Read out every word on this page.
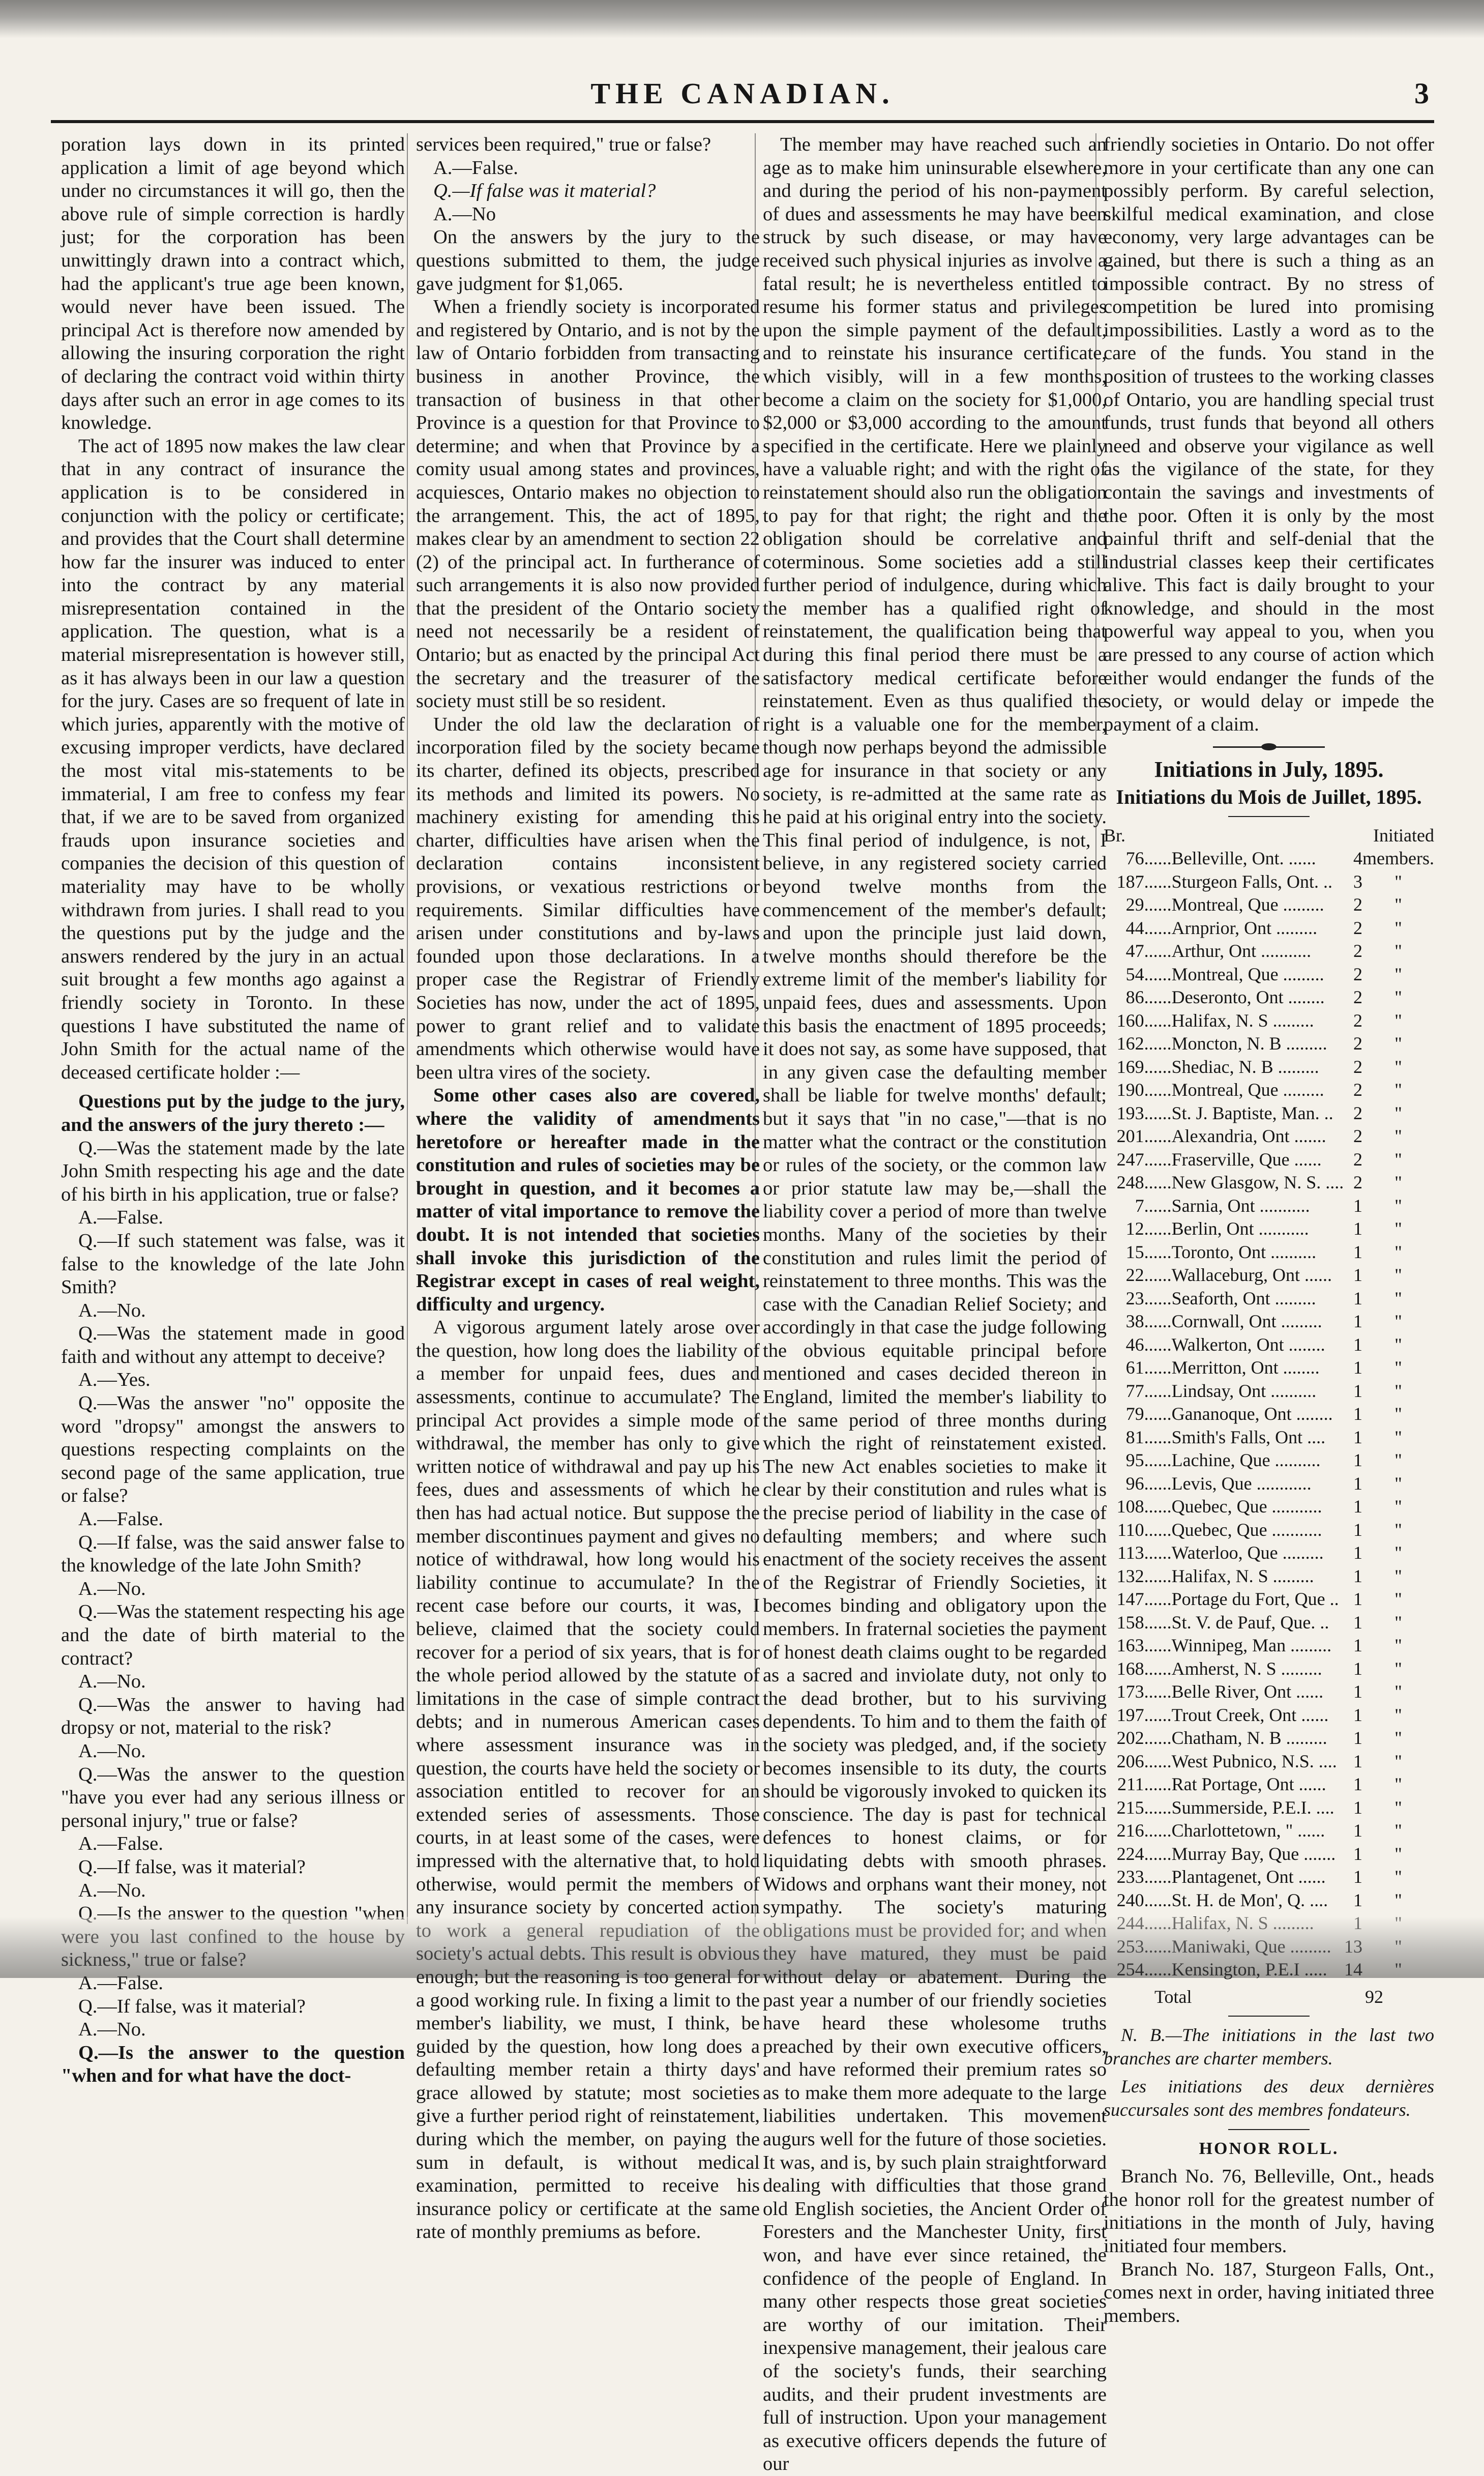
THE CANADIAN.	3

poration lays down in its printed application a limit of age beyond which under no circumstances it will go, then the above rule of simple correction is hardly just; for the corporation has been unwittingly drawn into a contract which, had the applicant's true age been known, would never have been issued. The principal Act is therefore now amended by allowing the insuring corporation the right of declaring the contract void within thirty days after such an error in age comes to its knowledge.

The act of 1895 now makes the law clear that in any contract of insurance the application is to be considered in conjunction with the policy or certificate; and provides that the Court shall determine how far the insurer was induced to enter into the contract by any material misrepresentation contained in the application. The question, what is a material misrepresentation is however still, as it has always been in our law a question for the jury. Cases are so frequent of late in which juries, apparently with the motive of excusing improper verdicts, have declared the most vital mis-statements to be immaterial, I am free to confess my fear that, if we are to be saved from organized frauds upon insurance societies and companies the decision of this question of materiality may have to be wholly withdrawn from juries. I shall read to you the questions put by the judge and the answers rendered by the jury in an actual suit brought a few months ago against a friendly society in Toronto. In these questions I have substituted the name of John Smith for the actual name of the deceased certificate holder :—

Questions put by the judge to the jury, and the answers of the jury thereto :—

Q.—Was the statement made by the late John Smith respecting his age and the date of his birth in his application, true or false?

A.—False.

Q.—If such statement was false, was it false to the knowledge of the late John Smith?

A.—No.

Q.—Was the statement made in good faith and without any attempt to deceive?

A.—Yes.

Q.—Was the answer "no" opposite the word "dropsy" amongst the answers to questions respecting complaints on the second page of the same application, true or false?

A.—False.

Q.—If false, was the said answer false to the knowledge of the late John Smith?

A.—No.

Q.—Was the statement respecting his age and the date of birth material to the contract?

A.—No.

Q.—Was the answer to having had dropsy or not, material to the risk?

A.—No.

Q.—Was the answer to the question "have you ever had any serious illness or personal injury," true or false?

A.—False.

Q.—If false, was it material?

A.—No.

Q.—Is the answer to the question "when were you last confined to the house by sickness," true or false?

A.—False.

Q.—If false, was it material?

A.—No.

Q.—Is the answer to the question "when and for what have the doct-

services been required," true or false?

A.—False.

Q.—If false was it material?

A.—No

On the answers by the jury to the questions submitted to them, the judge gave judgment for $1,065.

When a friendly society is incorporated and registered by Ontario, and is not by the law of Ontario forbidden from transacting business in another Province, the transaction of business in that other Province is a question for that Province to determine; and when that Province by a comity usual among states and provinces, acquiesces, Ontario makes no objection to the arrangement. This, the act of 1895, makes clear by an amendment to section 22 (2) of the principal act. In furtherance of such arrangements it is also now provided that the president of the Ontario society need not necessarily be a resident of Ontario; but as enacted by the principal Act the secretary and the treasurer of the society must still be so resident.

Under the old law the declaration of incorporation filed by the society became its charter, defined its objects, prescribed its methods and limited its powers. No machinery existing for amending this charter, difficulties have arisen when the declaration contains inconsistent provisions, or vexatious restrictions or requirements. Similar difficulties have arisen under constitutions and by-laws founded upon those declarations. In a proper case the Registrar of Friendly Societies has now, under the act of 1895, power to grant relief and to validate amendments which otherwise would have been ultra vires of the society.

Some other cases also are covered, where the validity of amendments heretofore or hereafter made in the constitution and rules of societies may be brought in question, and it becomes a matter of vital importance to remove the doubt. It is not intended that societies shall invoke this jurisdiction of the Registrar except in cases of real weight, difficulty and urgency.

A vigorous argument lately arose over the question, how long does the liability of a member for unpaid fees, dues and assessments, continue to accumulate? The principal Act provides a simple mode of withdrawal, the member has only to give written notice of withdrawal and pay up his fees, dues and assessments of which he then has had actual notice. But suppose the member discontinues payment and gives no notice of withdrawal, how long would his liability continue to accumulate? In the recent case before our courts, it was, I believe, claimed that the society could recover for a period of six years, that is for the whole period allowed by the statute of limitations in the case of simple contract debts; and in numerous American cases where assessment insurance was in question, the courts have held the society or association entitled to recover for an extended series of assessments. Those courts, in at least some of the cases, were impressed with the alternative that, to hold otherwise, would permit the members of any insurance society by concerted action to work a general repudiation of the society's actual debts. This result is obvious enough; but the reasoning is too general for a good working rule. In fixing a limit to the member's liability, we must, I think, be guided by the question, how long does a defaulting member retain a thirty days' grace allowed by statute; most societies give a further period right of reinstatement, during which the member, on paying the sum in default, is without medical examination, permitted to receive his insurance policy or certificate at the same rate of monthly premiums as before.

The member may have reached such an age as to make him uninsurable elsewhere, and during the period of his non-payment of dues and assessments he may have been struck by such disease, or may have received such physical injuries as involve a fatal result; he is nevertheless entitled to resume his former status and privileges upon the simple payment of the default, and to reinstate his insurance certificate, which visibly, will in a few months, become a claim on the society for $1,000, $2,000 or $3,000 according to the amount specified in the certificate. Here we plainly have a valuable right; and with the right of reinstatement should also run the obligation to pay for that right; the right and the obligation should be correlative and coterminous. Some societies add a still further period of indulgence, during which the member has a qualified right of reinstatement, the qualification being that during this final period there must be a satisfactory medical certificate before reinstatement. Even as thus qualified the right is a valuable one for the member, though now perhaps beyond the admissible age for insurance in that society or any society, is re-admitted at the same rate as he paid at his original entry into the society. This final period of indulgence, is not, I believe, in any registered society carried beyond twelve months from the commencement of the member's default; and upon the principle just laid down, twelve months should therefore be the extreme limit of the member's liability for unpaid fees, dues and assessments. Upon this basis the enactment of 1895 proceeds; it does not say, as some have supposed, that in any given case the defaulting member shall be liable for twelve months' default; but it says that "in no case,"—that is no matter what the contract or the constitution or rules of the society, or the common law or prior statute law may be,—shall the liability cover a period of more than twelve months. Many of the societies by their constitution and rules limit the period of reinstatement to three months. This was the case with the Canadian Relief Society; and accordingly in that case the judge following the obvious equitable principal before mentioned and cases decided thereon in England, limited the member's liability to the same period of three months during which the right of reinstatement existed. The new Act enables societies to make it clear by their constitution and rules what is the precise period of liability in the case of defaulting members; and where such enactment of the society receives the assent of the Registrar of Friendly Societies, it becomes binding and obligatory upon the members. In fraternal societies the payment of honest death claims ought to be regarded as a sacred and inviolate duty, not only to the dead brother, but to his surviving dependents. To him and to them the faith of the society was pledged, and, if the society becomes insensible to its duty, the courts should be vigorously invoked to quicken its conscience. The day is past for technical defences to honest claims, or for liquidating debts with smooth phrases. Widows and orphans want their money, not sympathy. The society's maturing obligations must be provided for; and when they have matured, they must be paid without delay or abatement. During the past year a number of our friendly societies have heard these wholesome truths preached by their own executive officers, and have reformed their premium rates so as to make them more adequate to the large liabilities undertaken. This movement augurs well for the future of those societies. It was, and is, by such plain straightforward dealing with difficulties that those grand old English societies, the Ancient Order of Foresters and the Manchester Unity, first won, and have ever since retained, the confidence of the people of England. In many other respects those great societies are worthy of our imitation. Their inexpensive management, their jealous care of the society's funds, their searching audits, and their prudent investments are full of instruction. Upon your management as executive officers depends the future of our

friendly societies in Ontario. Do not offer more in your certificate than any one can possibly perform. By careful selection, skilful medical examination, and close economy, very large advantages can be gained, but there is such a thing as an impossible contract. By no stress of competition be lured into promising impossibilities. Lastly a word as to the care of the funds. You stand in the position of trustees to the working classes of Ontario, you are handling special trust funds, trust funds that beyond all others need and observe your vigilance as well as the vigilance of the state, for they contain the savings and investments of the poor. Often it is only by the most painful thrift and self-denial that the industrial classes keep their certificates alive. This fact is daily brought to your knowledge, and should in the most powerful way appeal to you, when you are pressed to any course of action which either would endanger the funds of the society, or would delay or impede the payment of a claim.

Initiations in July, 1895.
Initiations du Mois de Juillet, 1895.
Br.		Initiated	
76	......Belleville, Ont. ......	4	members.
187	......Sturgeon Falls, Ont. ..	3	"
29	......Montreal, Que .........	2	"
44	......Arnprior, Ont .........	2	"
47	......Arthur, Ont ...........	2	"
54	......Montreal, Que .........	2	"
86	......Deseronto, Ont ........	2	"
160	......Halifax, N. S .........	2	"
162	......Moncton, N. B .........	2	"
169	......Shediac, N. B .........	2	"
190	......Montreal, Que .........	2	"
193	......St. J. Baptiste, Man. ..	2	"
201	......Alexandria, Ont .......	2	"
247	......Fraserville, Que ......	2	"
248	......New Glasgow, N. S. ....	2	"
7	......Sarnia, Ont ...........	1	"
12	......Berlin, Ont ...........	1	"
15	......Toronto, Ont ..........	1	"
22	......Wallaceburg, Ont ......	1	"
23	......Seaforth, Ont .........	1	"
38	......Cornwall, Ont .........	1	"
46	......Walkerton, Ont ........	1	"
61	......Merritton, Ont ........	1	"
77	......Lindsay, Ont ..........	1	"
79	......Gananoque, Ont ........	1	"
81	......Smith's Falls, Ont ....	1	"
95	......Lachine, Que ..........	1	"
96	......Levis, Que ............	1	"
108	......Quebec, Que ...........	1	"
110	......Quebec, Que ...........	1	"
113	......Waterloo, Que .........	1	"
132	......Halifax, N. S .........	1	"
147	......Portage du Fort, Que ..	1	"
158	......St. V. de Pauf, Que. ..	1	"
163	......Winnipeg, Man .........	1	"
168	......Amherst, N. S .........	1	"
173	......Belle River, Ont ......	1	"
197	......Trout Creek, Ont ......	1	"
202	......Chatham, N. B .........	1	"
206	......West Pubnico, N.S. ....	1	"
211	......Rat Portage, Ont ......	1	"
215	......Summerside, P.E.I. ....	1	"
216	......Charlottetown, " ......	1	"
224	......Murray Bay, Que .......	1	"
233	......Plantagenet, Ont ......	1	"
240	......St. H. de Mon', Q. ....	1	"
244	......Halifax, N. S .........	1	"
253	......Maniwaki, Que .........	13	"
254	......Kensington, P.E.I .....	14	"
Total	92

N. B.—The initiations in the last two branches are charter members.

Les initiations des deux dernières succursales sont des membres fondateurs.

HONOR ROLL.

Branch No. 76, Belleville, Ont., heads the honor roll for the greatest number of initiations in the month of July, having initiated four members.

Branch No. 187, Sturgeon Falls, Ont., comes next in order, having initiated three members.
